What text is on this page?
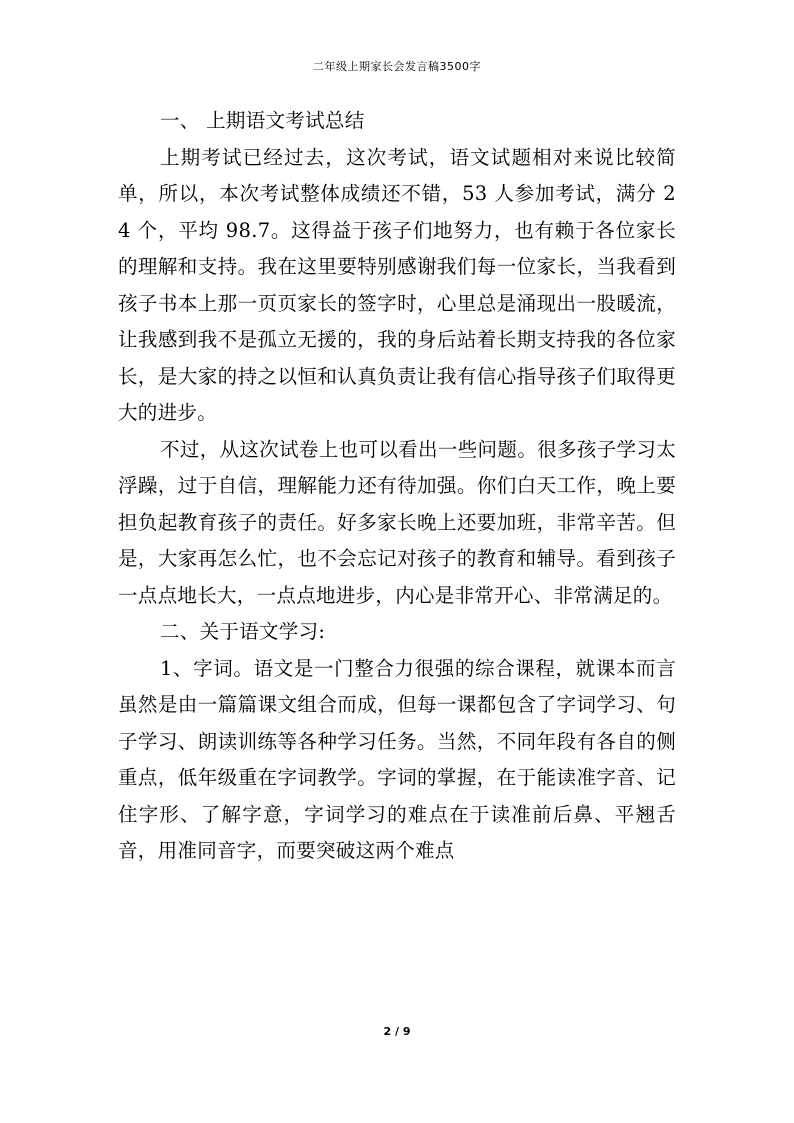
二年级上期家长会发言稿3500字
一、 上期语文考试总结

上期考试已经过去，这次考试，语文试题相对来说比较简单，所以，本次考试整体成绩还不错，53 人参加考试，满分 24 个，平均 98.7。这得益于孩子们地努力，也有赖于各位家长的理解和支持。我在这里要特别感谢我们每一位家长，当我看到孩子书本上那一页页家长的签字时，心里总是涌现出一股暖流，让我感到我不是孤立无援的，我的身后站着长期支持我的各位家长，是大家的持之以恒和认真负责让我有信心指导孩子们取得更大的进步。

不过，从这次试卷上也可以看出一些问题。很多孩子学习太浮躁，过于自信，理解能力还有待加强。你们白天工作，晚上要担负起教育孩子的责任。好多家长晚上还要加班，非常辛苦。但是，大家再怎么忙，也不会忘记对孩子的教育和辅导。看到孩子一点点地长大，一点点地进步，内心是非常开心、非常满足的。

二、关于语文学习:

1、字词。语文是一门整合力很强的综合课程，就课本而言虽然是由一篇篇课文组合而成，但每一课都包含了字词学习、句子学习、朗读训练等各种学习任务。当然，不同年段有各自的侧重点，低年级重在字词教学。字词的掌握，在于能读准字音、记住字形、了解字意，字词学习的难点在于读准前后鼻、平翘舌音，用准同音字，而要突破这两个难点

2 / 9
